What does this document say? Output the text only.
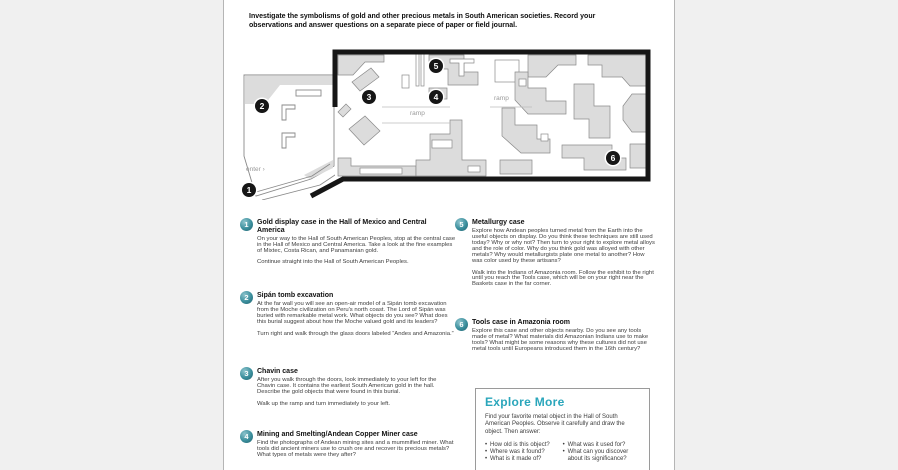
Investigate the symbolisms of gold and other precious metals in South American societies. Record your observations and answer questions on a separate piece of paper or field journal.
enter ›
ramp
ramp
1
2
3	4
5
6
1	Gold display case in the Hall of Mexico and Central America

On your way to the Hall of South American Peoples, stop at the central case in the Hall of Mexico and Central America. Take a look at the fine examples of Mixtec, Costa Rican, and Panamanian gold.

Continue straight into the Hall of South American Peoples.

2	Sipán tomb excavation

At the far wall you will see an open-air model of a Sipán tomb excavation from the Moche civilization on Peru's north coast. The Lord of Sipán was buried with remarkable metal work. What objects do you see? What does this burial suggest about how the Moche valued gold and its leaders?

Turn right and walk through the glass doors labeled “Andes and Amazonia.”

3	Chavin case

After you walk through the doors, look immediately to your left for the Chavin case. It contains the earliest South American gold in the hall. Describe the gold objects that were found in this burial.

Walk up the ramp and turn immediately to your left.

4	Mining and Smelting/Andean Copper Miner case

Find the photographs of Andean mining sites and a mummified miner. What tools did ancient miners use to crush ore and recover its precious metals? What types of metals were they after?

5	Metallurgy case

Explore how Andean peoples turned metal from the Earth into the useful objects on display. Do you think these techniques are still used today? Why or why not? Then turn to your right to explore metal alloys and the role of color. Why do you think gold was alloyed with other metals? Why would metallurgists plate one metal to another? How was color used by these artisans?

Walk into the Indians of Amazonia room. Follow the exhibit to the right until you reach the Tools case, which will be on your right near the Baskets case in the far corner.

6	Tools case in Amazonia room

Explore this case and other objects nearby. Do you see any tools made of metal? What materials did Amazonian Indians use to make tools? What might be some reasons why these cultures did not use metal tools until Europeans introduced them in the 16th century?

Explore More
Find your favorite metal object in the Hall of South American Peoples. Observe it carefully and draw the object. Then answer:
• How old is this object?
• Where was it found?
• What is it made of?
• What was it used for?
• What can you discover about its significance?
